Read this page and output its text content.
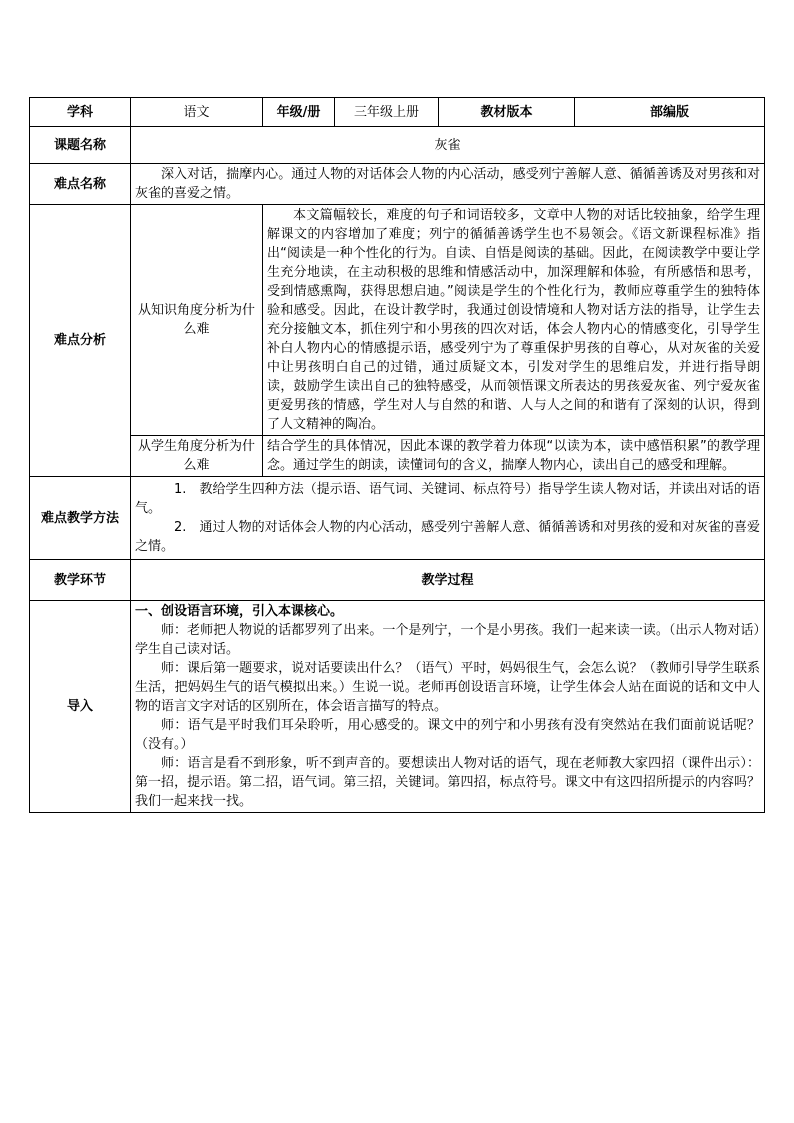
学科	语文	年级/册	三年级上册	教材版本	部编版
课题名称	灰雀				
难点名称	深入对话，揣摩内心。通过人物的对话体会人物的内心活动，感受列宁善解人意、循循善诱及对男孩和对灰雀的喜爱之情。				

难点分析	从知识角度分析为什么难	本文篇幅较长，难度的句子和词语较多，文章中人物的对话比较抽象，给学生理解课文的内容增加了难度；列宁的循循善诱学生也不易领会。《语文新课程标准》指出“阅读是一种个性化的行为。自读、自悟是阅读的基础。因此，在阅读教学中要让学生充分地读，在主动积极的思维和情感活动中，加深理解和体验，有所感悟和思考，受到情感熏陶，获得思想启迪。”阅读是学生的个性化行为，教师应尊重学生的独特体验和感受。因此，在设计教学时，我通过创设情境和人物对话方法的指导，让学生去充分接触文本，抓住列宁和小男孩的四次对话，体会人物内心的情感变化，引导学生补白人物内心的情感提示语，感受列宁为了尊重保护男孩的自尊心，从对灰雀的关爱中让男孩明白自己的过错，通过质疑文本，引发对学生的思维启发，并进行指导朗读，鼓励学生读出自己的独特感受，从而领悟课文所表达的男孩爱灰雀、列宁爱灰雀更爱男孩的情感，学生对人与自然的和谐、人与人之间的和谐有了深刻的认识，得到了人文精神的陶冶。			

	从学生角度分析为什么难	结合学生的具体情况，因此本课的教学着力体现“以读为本，读中感悟积累”的教学理念。通过学生的朗读，读懂词句的含义，揣摩人物内心，读出自己的感受和理解。			

难点教学方法	1.　教给学生四种方法（提示语、语气词、关键词、标点符号）指导学生读人物对话，并读出对话的语气。

2.　通过人物的对话体会人物的内心活动，感受列宁善解人意、循循善诱和对男孩的爱和对灰雀的喜爱之情。				

教学环节	教学过程				
导入	一、创设语言环境，引入本课核心。

师：老师把人物说的话都罗列了出来。一个是列宁，一个是小男孩。我们一起来读一读。（出示人物对话）学生自己读对话。

师：课后第一题要求，说对话要读出什么？（语气）平时，妈妈很生气，会怎么说？（教师引导学生联系生活，把妈妈生气的语气模拟出来。）生说一说。老师再创设语言环境，让学生体会人站在面说的话和文中人物的语言文字对话的区别所在，体会语言描写的特点。

师：语气是平时我们耳朵聆听，用心感受的。课文中的列宁和小男孩有没有突然站在我们面前说话呢？（没有。）

师：语言是看不到形象，听不到声音的。要想读出人物对话的语气，现在老师教大家四招（课件出示）：第一招，提示语。第二招，语气词。第三招，关键词。第四招，标点符号。课文中有这四招所提示的内容吗？我们一起来找一找。				
